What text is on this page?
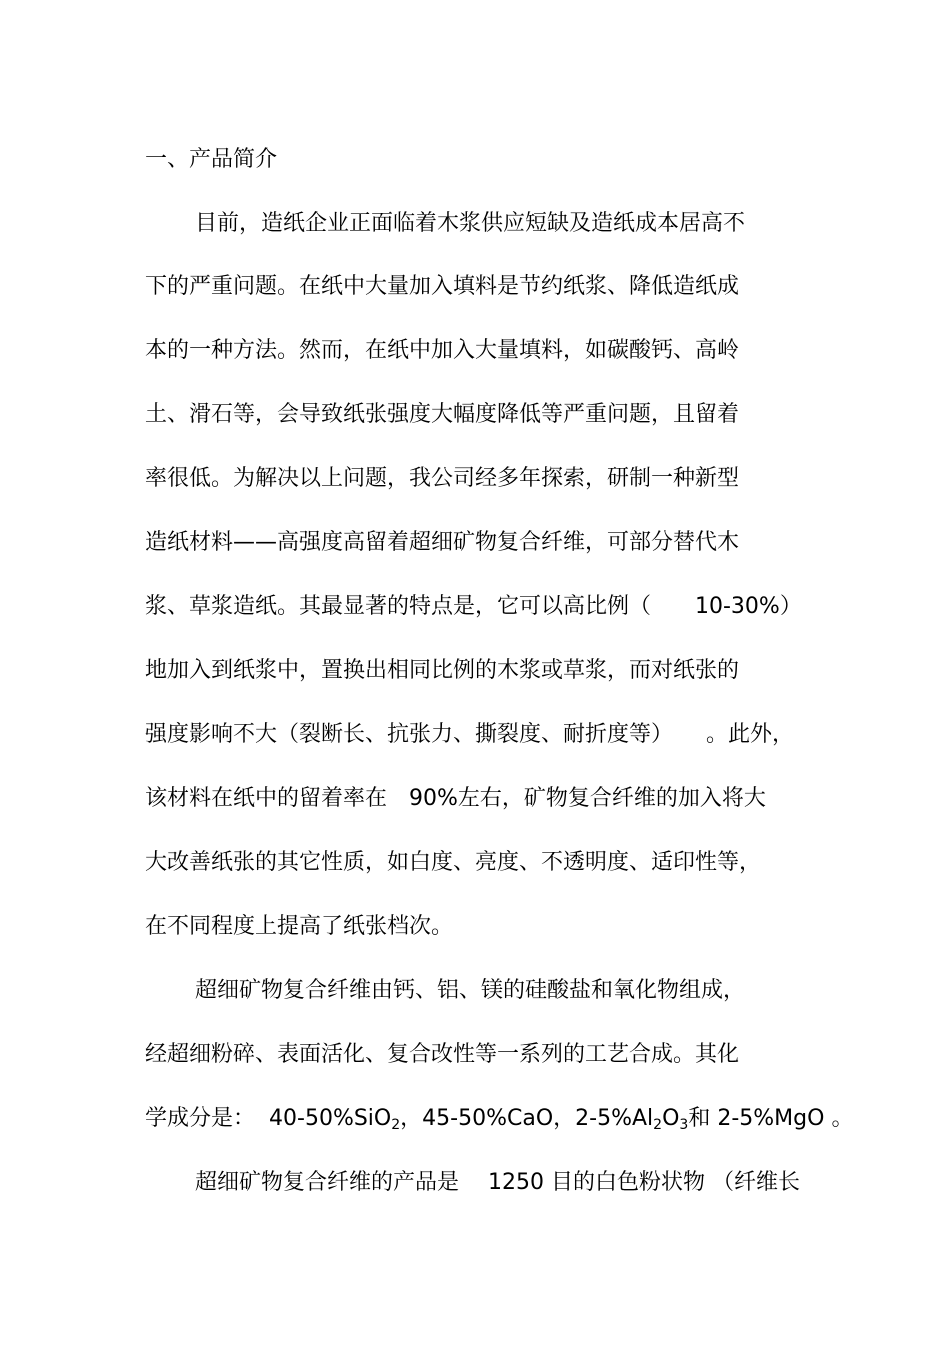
一、产品简介
目前，造纸企业正面临着木浆供应短缺及造纸成本居高不
下的严重问题。在纸中大量加入填料是节约纸浆、降低造纸成
本的一种方法。然而，在纸中加入大量填料，如碳酸钙、高岭
土、滑石等，会导致纸张强度大幅度降低等严重问题，且留着
率很低。为解决以上问题，我公司经多年探索，研制一种新型
造纸材料——高强度高留着超细矿物复合纤维，可部分替代木
浆、草浆造纸。其最显著的特点是，它可以高比例（　　10-30%）
地加入到纸浆中，置换出相同比例的木浆或草浆，而对纸张的
强度影响不大（裂断长、抗张力、撕裂度、耐折度等）　　。此外，
该材料在纸中的留着率在　90%左右，矿物复合纤维的加入将大
大改善纸张的其它性质，如白度、亮度、不透明度、适印性等，
在不同程度上提高了纸张档次。
超细矿物复合纤维由钙、铝、镁的硅酸盐和氧化物组成，
经超细粉碎、表面活化、复合改性等一系列的工艺合成。其化
学成分是： 40-50%SiO$_2$，45-50%CaO，$2-5\%Al_2O_3$和 2-5%MgO 。
超细矿物复合纤维的产品是　 1250 目的白色粉状物 （纤维长
